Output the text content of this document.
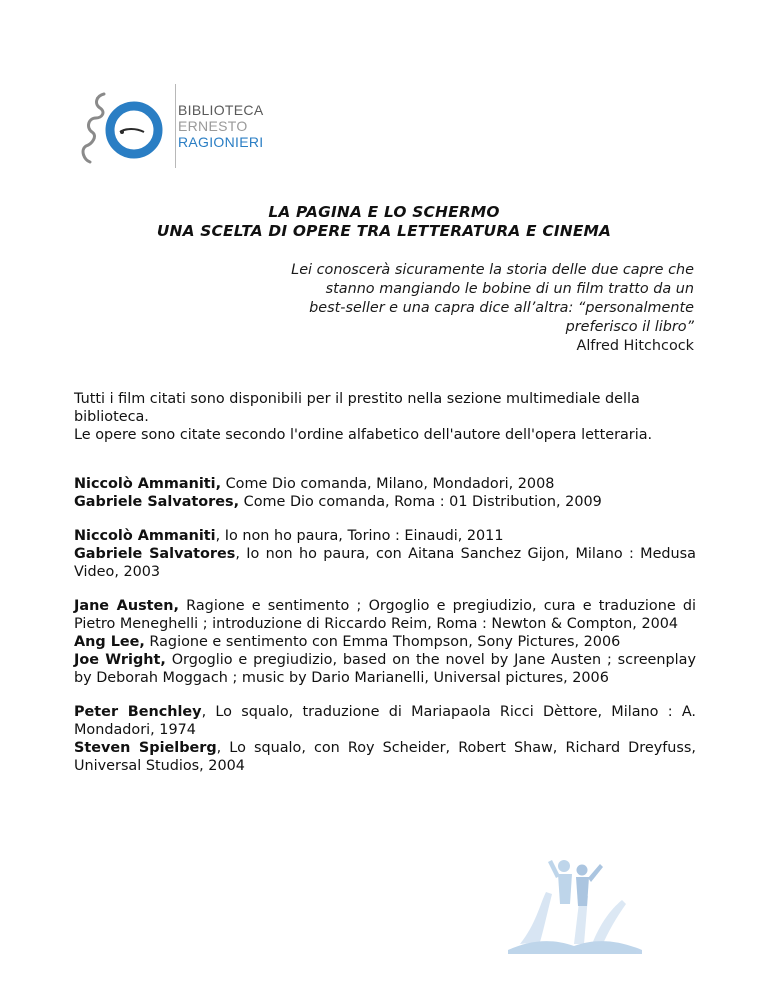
BIBLIOTECA
ERNESTO
RAGIONIERI
LA PAGINA E LO SCHERMO
UNA SCELTA DI OPERE TRA LETTERATURA E CINEMA
Lei conoscerà sicuramente la storia delle due capre che
stanno mangiando le bobine di un film tratto da un
best-seller e una capra dice all’altra: “personalmente
preferisco il libro”
Alfred Hitchcock
Tutti i film citati sono disponibili per il prestito nella sezione multimediale della biblioteca.
Le opere sono citate secondo l'ordine alfabetico dell'autore dell'opera letteraria.

Niccolò Ammaniti, Come Dio comanda, Milano, Mondadori, 2008

Gabriele Salvatores, Come Dio comanda, Roma : 01 Distribution, 2009

Niccolò Ammaniti, Io non ho paura, Torino : Einaudi, 2011

Gabriele Salvatores, Io non ho paura, con Aitana Sanchez Gijon, Milano : Medusa Video, 2003

Jane Austen, Ragione e sentimento ; Orgoglio e pregiudizio, cura e traduzione di Pietro Meneghelli ; introduzione di Riccardo Reim, Roma : Newton & Compton, 2004

Ang Lee, Ragione e sentimento con Emma Thompson, Sony Pictures, 2006

Joe Wright, Orgoglio e pregiudizio, based on the novel by Jane Austen ; screenplay by Deborah Moggach ; music by Dario Marianelli, Universal pictures, 2006

Peter Benchley, Lo squalo, traduzione di Mariapaola Ricci Dèttore, Milano : A. Mondadori, 1974

Steven Spielberg, Lo squalo, con Roy Scheider, Robert Shaw, Richard Dreyfuss, Universal Studios, 2004
